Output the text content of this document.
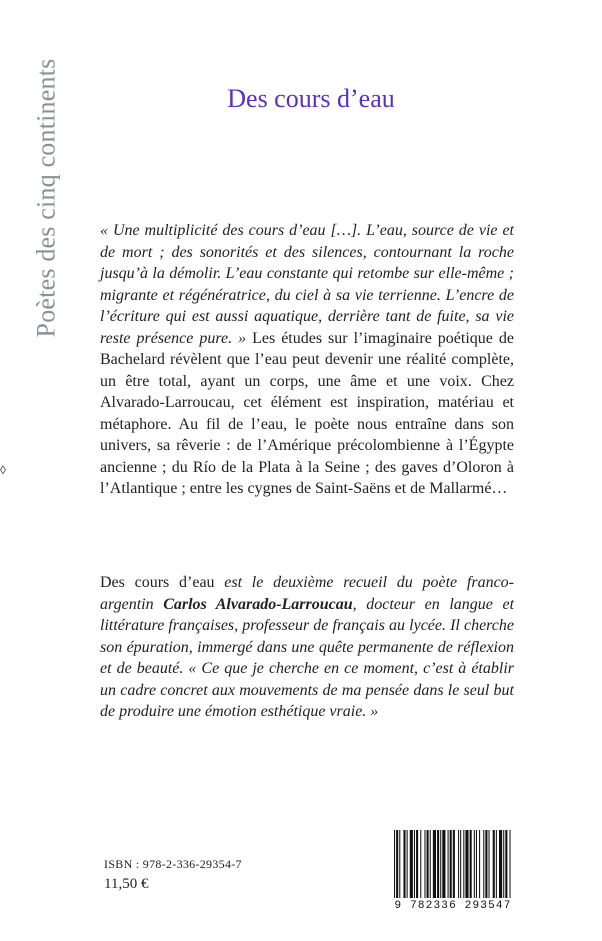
Poètes des cinq continents
◊
Des cours d’eau

« Une multiplicité des cours d’eau […]. L’eau, source de vie et de mort ; des sonorités et des silences, contournant la roche jusqu’à la démolir. L’eau constante qui retombe sur elle-même ; migrante et régénératrice, du ciel à sa vie terrienne. L’encre de l’écriture qui est aussi aquatique, derrière tant de fuite, sa vie reste présence pure. » Les études sur l’imaginaire poétique de Bachelard révèlent que l’eau peut devenir une réalité complète, un être total, ayant un corps, une âme et une voix. Chez Alvarado-Larroucau, cet élément est inspiration, matériau et métaphore. Au fil de l’eau, le poète nous entraîne dans son univers, sa rêverie : de l’Amérique précolombienne à l’Égypte ancienne ; du Río de la Plata à la Seine ; des gaves d’Oloron à l’Atlantique ; entre les cygnes de Saint-Saëns et de Mallarmé…

Des cours d’eau est le deuxième recueil du poète franco-argentin Carlos Alvarado-Larroucau, docteur en langue et littérature françaises, professeur de français au lycée. Il cherche son épuration, immergé dans une quête permanente de réflexion et de beauté. « Ce que je cherche en ce moment, c’est à établir un cadre concret aux mouvements de ma pensée dans le seul but de produire une émotion esthétique vraie. »

ISBN : 978-2-336-29354-7
11,50 €
9 782336 293547
